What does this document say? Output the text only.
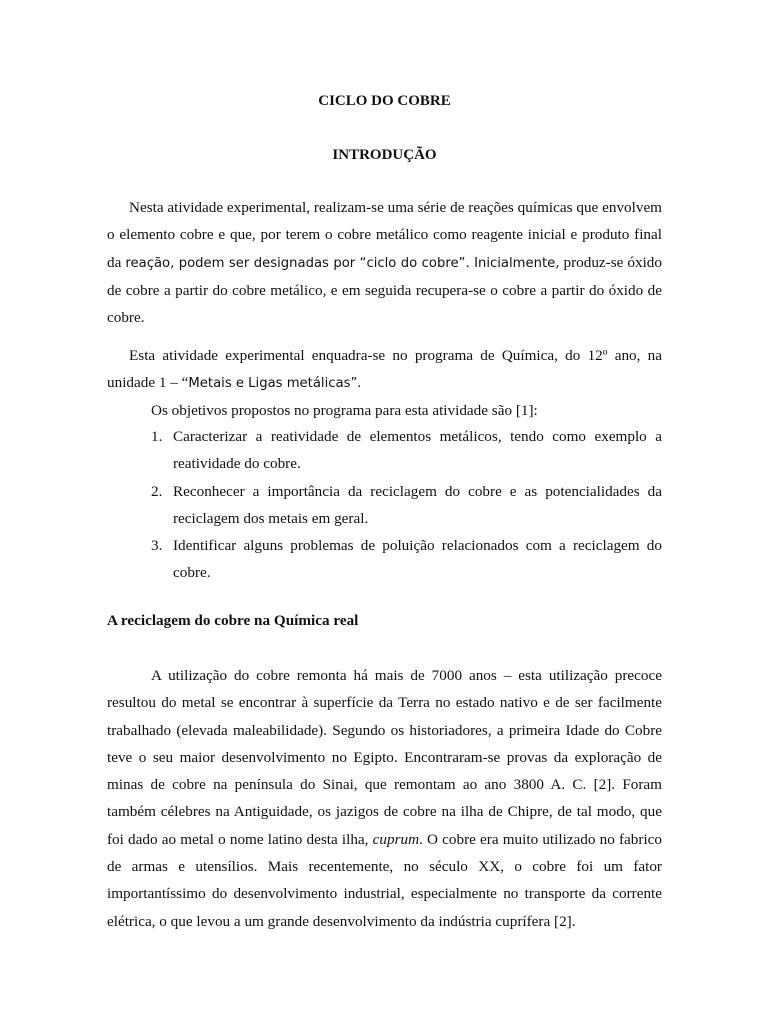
CICLO DO COBRE
INTRODUÇÃO

Nesta atividade experimental, realizam-se uma série de reações químicas que envolvem o elemento cobre e que, por terem o cobre metálico como reagente inicial e produto final da reação, podem ser designadas por “ciclo do cobre”. Inicialmente, produz-se óxido de cobre a partir do cobre metálico, e em seguida recupera-se o cobre a partir do óxido de cobre.

Esta atividade experimental enquadra-se no programa de Química, do 12º ano, na unidade 1 – “Metais e Ligas metálicas”.

Os objetivos propostos no programa para esta atividade são [1]:

1. Caracterizar a reatividade de elementos metálicos, tendo como exemplo a reatividade do cobre.
2. Reconhecer a importância da reciclagem do cobre e as potencialidades da reciclagem dos metais em geral.
3. Identificar alguns problemas de poluição relacionados com a reciclagem do cobre.
A reciclagem do cobre na Química real

A utilização do cobre remonta há mais de 7000 anos – esta utilização precoce resultou do metal se encontrar à superfície da Terra no estado nativo e de ser facilmente trabalhado (elevada maleabilidade). Segundo os historiadores, a primeira Idade do Cobre teve o seu maior desenvolvimento no Egipto. Encontraram-se provas da exploração de minas de cobre na península do Sinai, que remontam ao ano 3800 A. C. [2]. Foram também célebres na Antiguidade, os jazigos de cobre na ilha de Chipre, de tal modo, que foi dado ao metal o nome latino desta ilha, cuprum. O cobre era muito utilizado no fabrico de armas e utensílios. Mais recentemente, no século XX, o cobre foi um fator importantíssimo do desenvolvimento industrial, especialmente no transporte da corrente elétrica, o que levou a um grande desenvolvimento da indústria cuprífera [2].
